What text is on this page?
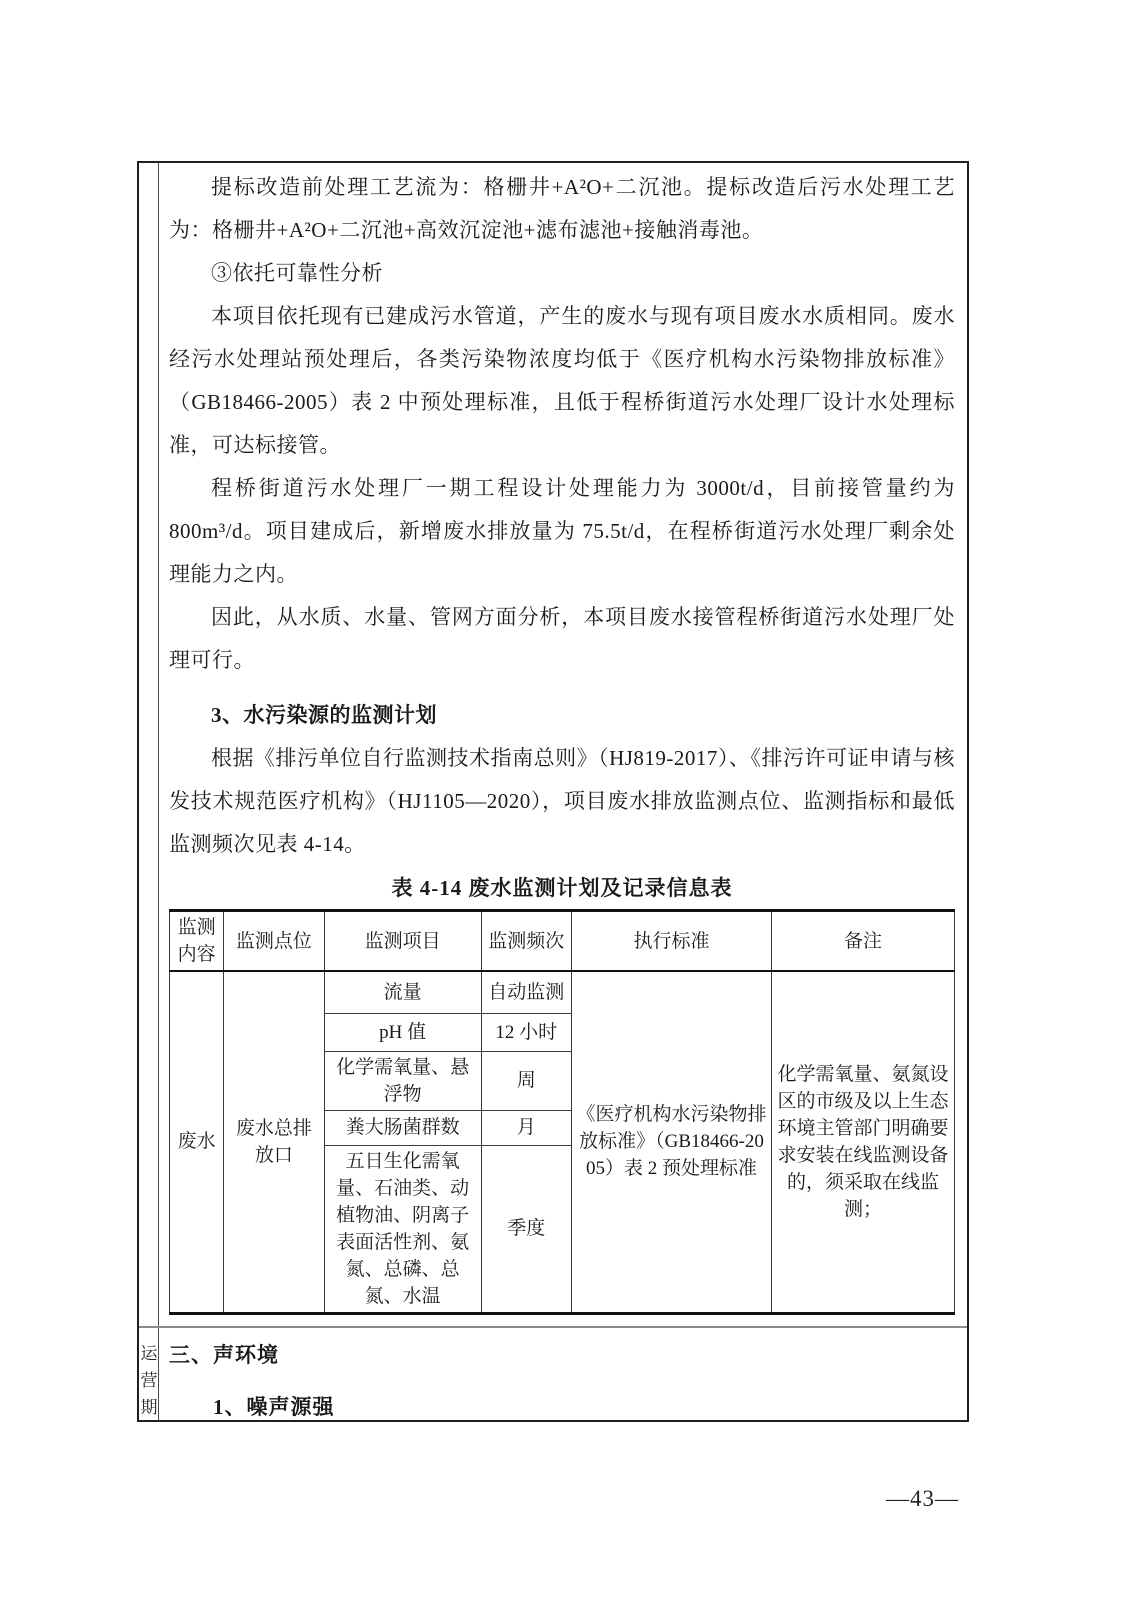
提标改造前处理工艺流为：格栅井+A²O+二沉池。提标改造后污水处理工艺为：格栅井+A²O+二沉池+高效沉淀池+滤布滤池+接触消毒池。

③依托可靠性分析

本项目依托现有已建成污水管道，产生的废水与现有项目废水水质相同。废水经污水处理站预处理后，各类污染物浓度均低于《医疗机构水污染物排放标准》（GB18466-2005）表 2 中预处理标准，且低于程桥街道污水处理厂设计水处理标准，可达标接管。

程桥街道污水处理厂一期工程设计处理能力为 3000t/d，目前接管量约为 800m³/d。项目建成后，新增废水排放量为 75.5t/d，在程桥街道污水处理厂剩余处理能力之内。

因此，从水质、水量、管网方面分析，本项目废水接管程桥街道污水处理厂处理可行。

3、水污染源的监测计划

根据《排污单位自行监测技术指南总则》（HJ819-2017）、《排污许可证申请与核发技术规范医疗机构》（HJ1105—2020），项目废水排放监测点位、监测指标和最低监测频次见表 4-14。

表 4-14 废水监测计划及记录信息表
监测内容	监测点位	监测项目	监测频次	执行标准	备注
废水	废水总排放口	流量	自动监测	《医疗机构水污染物排放标准》（GB18466-2005）表 2 预处理标准	化学需氧量、氨氮设区的市级及以上生态环境主管部门明确要求安装在线监测设备的，须采取在线监测；
		pH 值	12 小时		
		化学需氧量、悬浮物	周		
		粪大肠菌群数	月		
		五日生化需氧量、石油类、动植物油、阴离子表面活性剂、氨氮、总磷、总氮、水温	季度		
运营期
三、声环境
1、噪声源强
—43—
